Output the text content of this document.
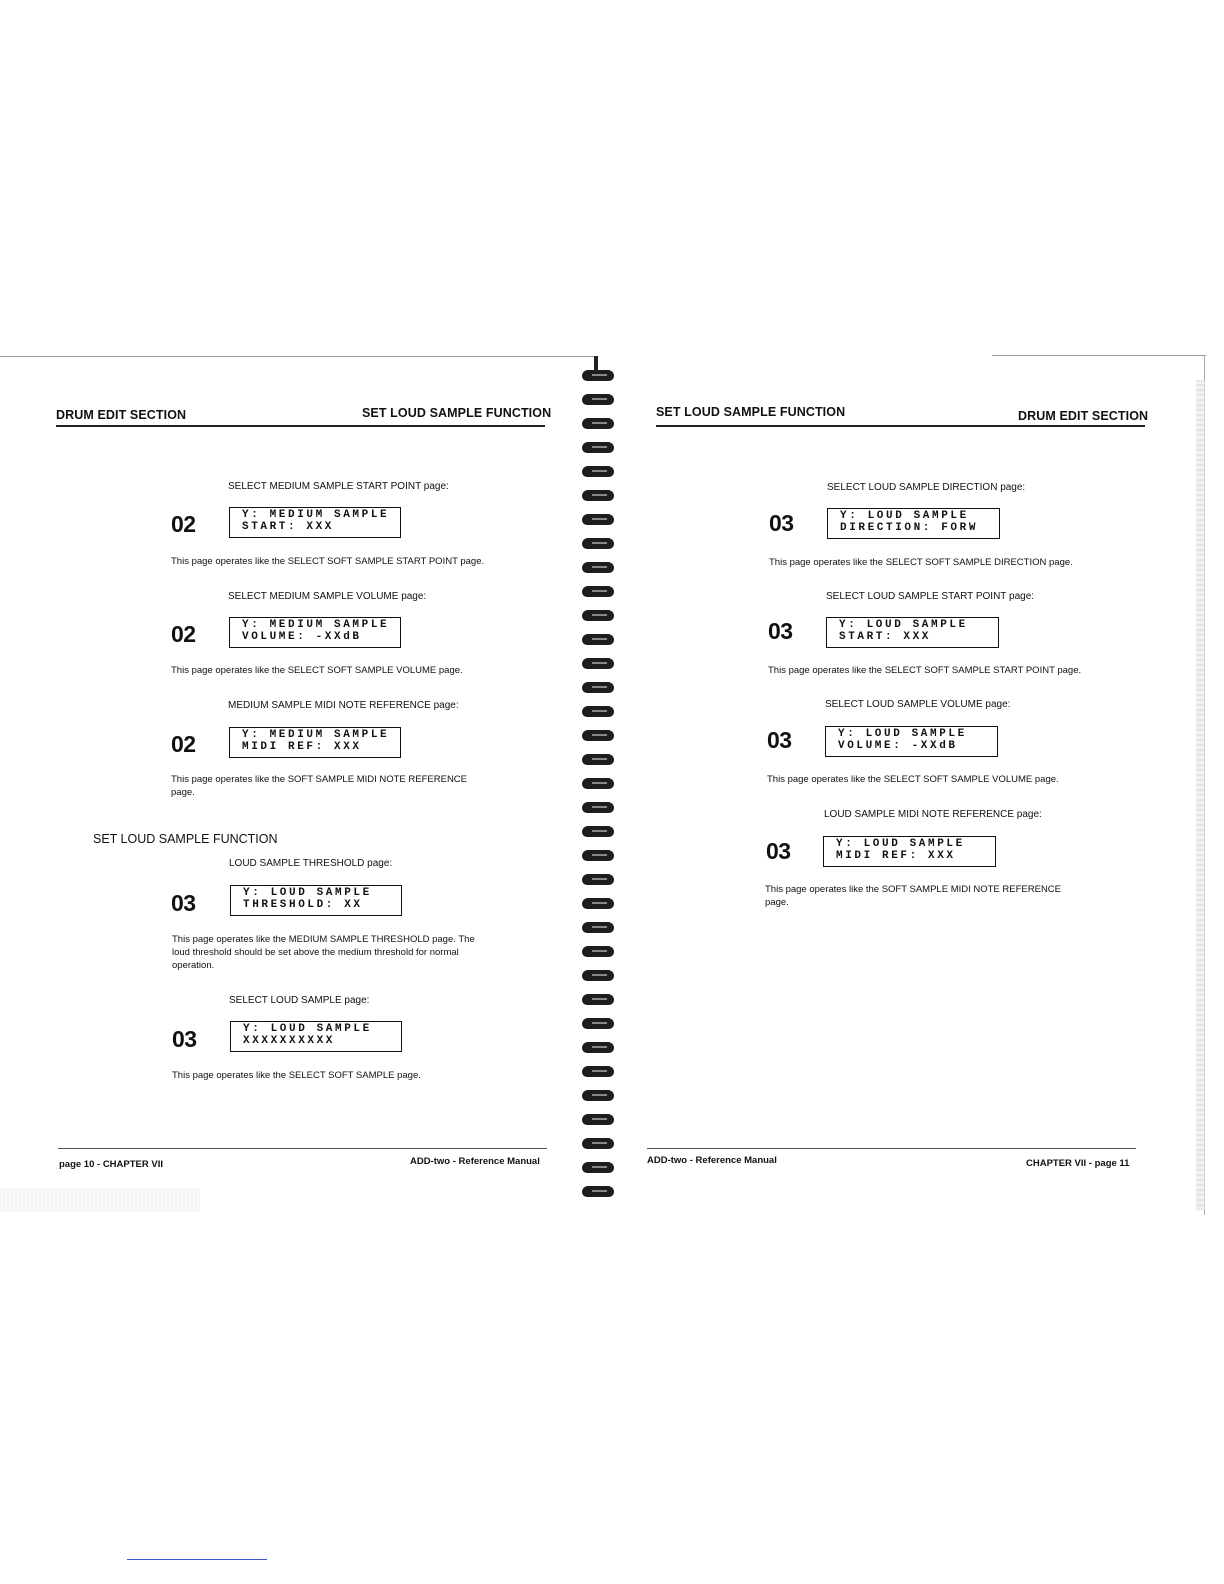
DRUM EDIT SECTION	SET LOUD SAMPLE FUNCTION
SELECT MEDIUM SAMPLE START POINT page:
02	Y: MEDIUM SAMPLE
START: XXX
This page operates like the SELECT SOFT SAMPLE START POINT page.
SELECT MEDIUM SAMPLE VOLUME page:
02	Y: MEDIUM SAMPLE
VOLUME: -XXdB
This page operates like the SELECT SOFT SAMPLE VOLUME page.
MEDIUM SAMPLE MIDI NOTE REFERENCE page:
02	Y: MEDIUM SAMPLE
MIDI REF: XXX
This page operates like the SOFT SAMPLE MIDI NOTE REFERENCE
page.
SET LOUD SAMPLE FUNCTION
LOUD SAMPLE THRESHOLD page:
03	Y: LOUD SAMPLE
THRESHOLD: XX
This page operates like the MEDIUM SAMPLE THRESHOLD page. The
loud threshold should be set above the medium threshold for normal
operation.
SELECT LOUD SAMPLE page:
03	Y: LOUD SAMPLE
XXXXXXXXXX
This page operates like the SELECT SOFT SAMPLE page.
page 10 - CHAPTER VII	ADD-two - Reference Manual
SET LOUD SAMPLE FUNCTION	DRUM EDIT SECTION
SELECT LOUD SAMPLE DIRECTION page:
03	Y: LOUD SAMPLE
DIRECTION: FORW
This page operates like the SELECT SOFT SAMPLE DIRECTION page.
SELECT LOUD SAMPLE START POINT page:
03	Y: LOUD SAMPLE
START: XXX
This page operates like the SELECT SOFT SAMPLE START POINT page.
SELECT LOUD SAMPLE VOLUME page:
03	Y: LOUD SAMPLE
VOLUME: -XXdB
This page operates like the SELECT SOFT SAMPLE VOLUME page.
LOUD SAMPLE MIDI NOTE REFERENCE page:
03	Y: LOUD SAMPLE
MIDI REF: XXX
This page operates like the SOFT SAMPLE MIDI NOTE REFERENCE
page.
ADD-two - Reference Manual	CHAPTER VII - page 11
